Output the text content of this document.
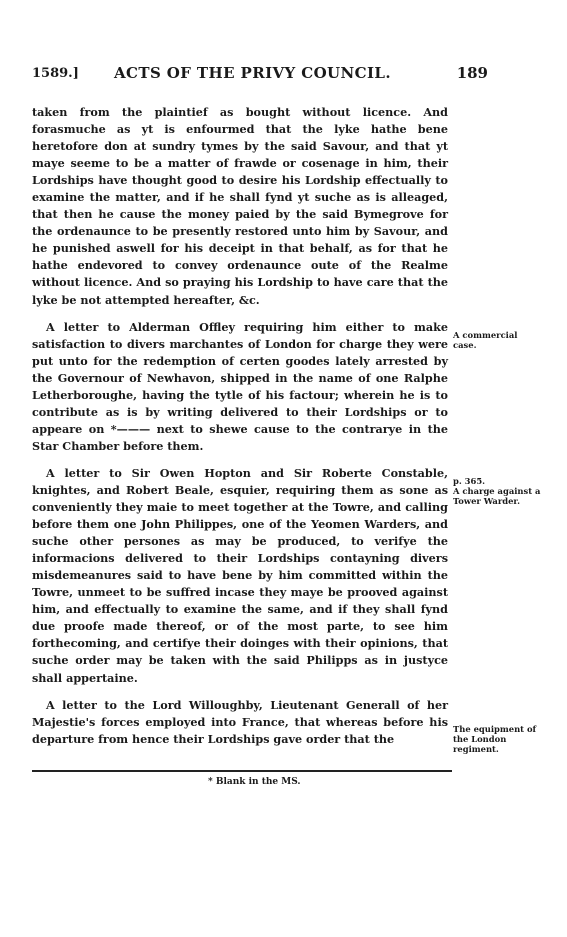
1589.] ACTS OF THE PRIVY COUNCIL.	189

taken from the plaintief as bought without licence. And forasmuche as yt is enfourmed that the lyke hathe bene heretofore don at sundry tymes by the said Savour, and that yt maye seeme to be a matter of frawde or cosenage in him, their Lordships have thought good to desire his Lordship effectually to examine the matter, and if he shall fynd yt suche as is alleaged, that then he cause the money paied by the said Bymegrove for the ordenaunce to be presently restored unto him by Savour, and he punished aswell for his deceipt in that behalf, as for that he hathe endevored to convey ordenaunce oute of the Realme without licence. And so praying his Lordship to have care that the lyke be not attempted hereafter, &c.

A letter to Alderman Offley requiring him either to make satisfaction to divers marchantes of London for charge they were put unto for the redemption of certen goodes lately arrested by the Governour of Newhavon, shipped in the name of one Ralphe Letherboroughe, having the tytle of his factour; wherein he is to contribute as is by writing delivered to their Lordships or to appeare on *——— next to shewe cause to the contrarye in the Star Chamber before them.

A letter to Sir Owen Hopton and Sir Roberte Constable, knightes, and Robert Beale, esquier, requiring them as sone as conveniently they maie to meet together at the Towre, and calling before them one John Philippes, one of the Yeomen Warders, and suche other persones as may be produced, to verifye the informacions delivered to their Lordships contayning divers misdemeanures said to have bene by him committed within the Towre, unmeet to be suffred incase they mayе be prooved against him, and effectually to examine the same, and if they shall fynd due proofe made thereof, or of the most parte, to see him forthecoming, and certifye their doinges with their opinions, that suche order may be taken with the said Philipps as in justyce shall appertaine.

A letter to the Lord Willoughby, Lieutenant Generall of her Majestie's forces employed into France, that whereas before his departure from hence their Lordships gave order that the

A commercial case.
p. 365.
A charge against a Tower Warder.
The equipment of the London regiment.
* Blank in the MS.
